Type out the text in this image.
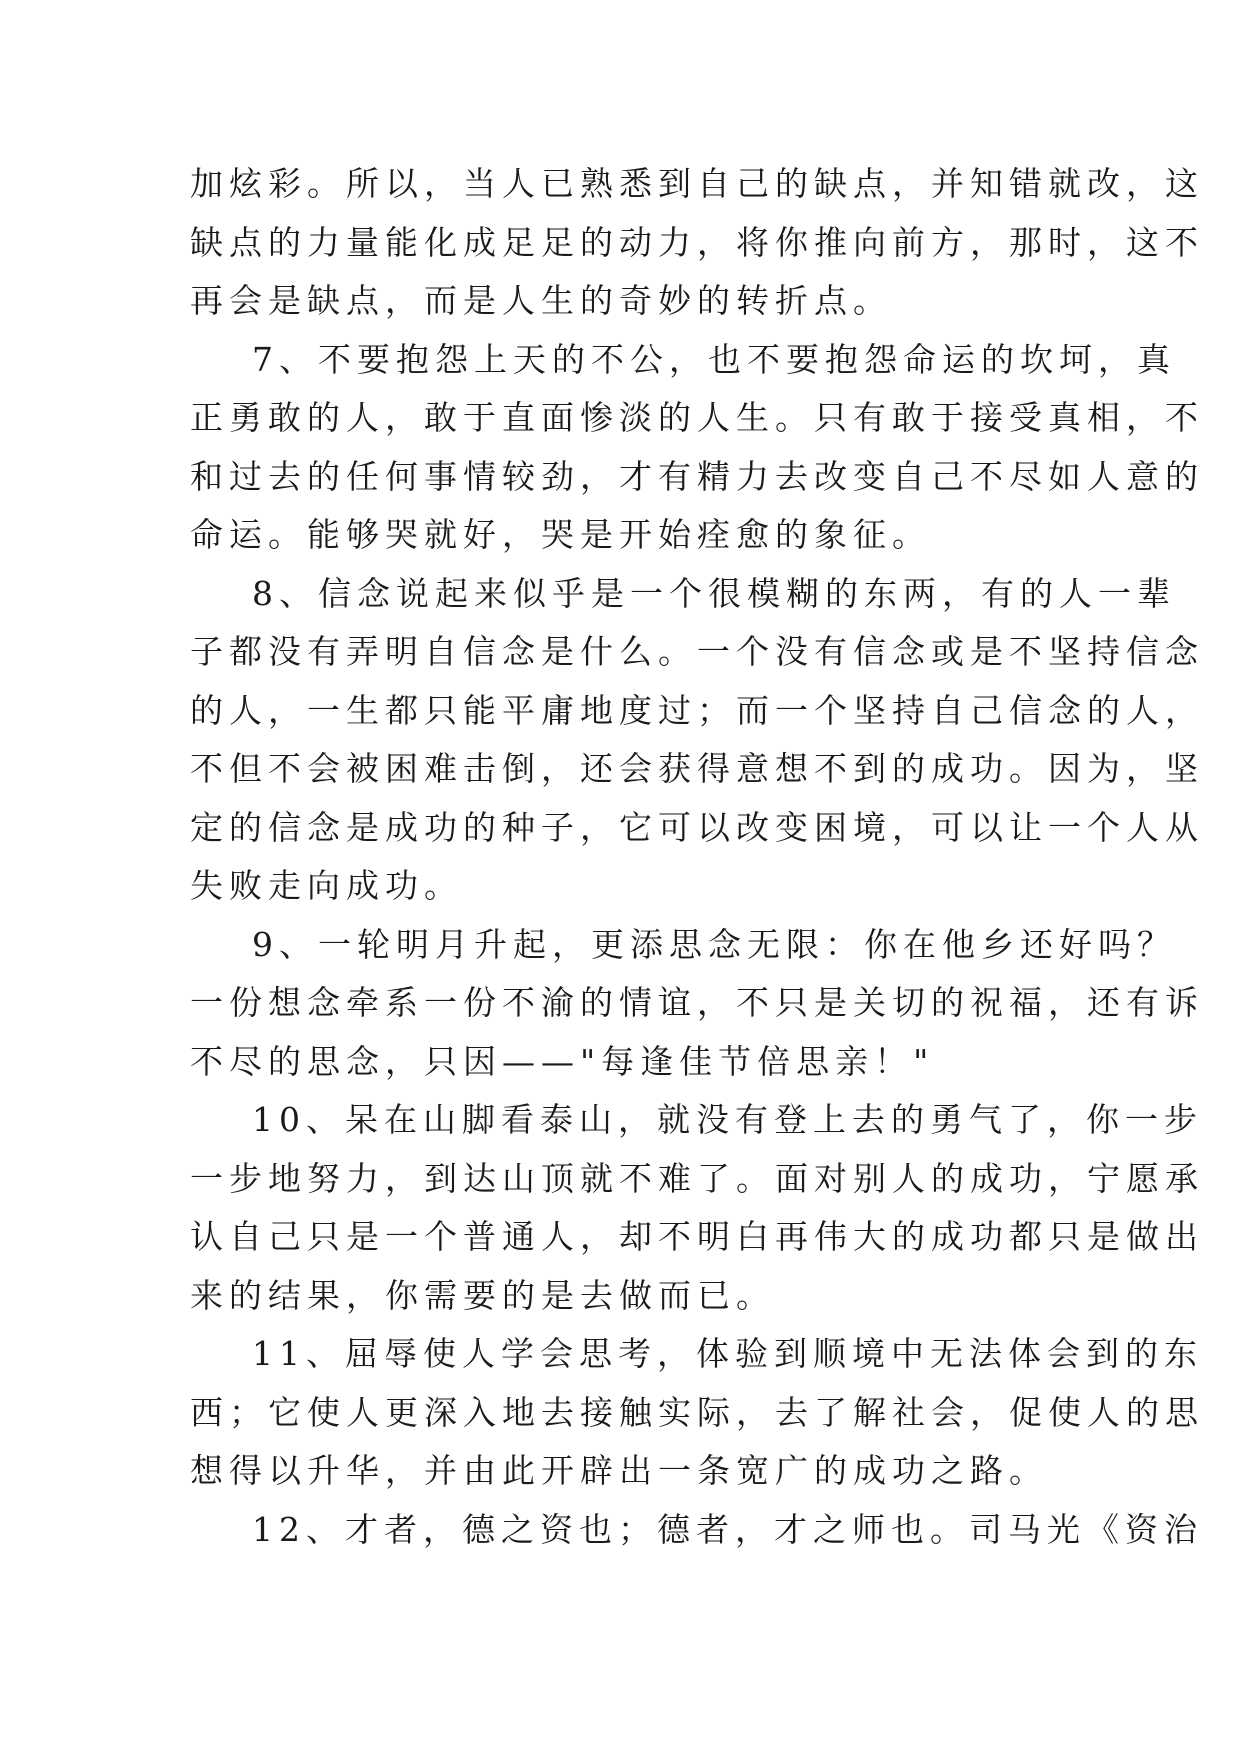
加炫彩。所以，当人已熟悉到自己的缺点，并知错就改，这
缺点的力量能化成足足的动力，将你推向前方，那时，这不
再会是缺点，而是人生的奇妙的转折点。
7、不要抱怨上天的不公，也不要抱怨命运的坎坷，真
正勇敢的人，敢于直面惨淡的人生。只有敢于接受真相，不
和过去的任何事情较劲，才有精力去改变自己不尽如人意的
命运。能够哭就好，哭是开始痊愈的象征。
8、信念说起来似乎是一个很模糊的东两，有的人一辈
子都没有弄明自信念是什么。一个没有信念或是不坚持信念
的人，一生都只能平庸地度过；而一个坚持自己信念的人，
不但不会被困难击倒，还会获得意想不到的成功。因为，坚
定的信念是成功的种子，它可以改变困境，可以让一个人从
失败走向成功。
9、一轮明月升起，更添思念无限：你在他乡还好吗？
一份想念牵系一份不渝的情谊，不只是关切的祝福，还有诉
不尽的思念，只因——"每逢佳节倍思亲！"
10、呆在山脚看泰山，就没有登上去的勇气了，你一步
一步地努力，到达山顶就不难了。面对别人的成功，宁愿承
认自己只是一个普通人，却不明白再伟大的成功都只是做出
来的结果，你需要的是去做而已。
11、屈辱使人学会思考，体验到顺境中无法体会到的东
西；它使人更深入地去接触实际，去了解社会，促使人的思
想得以升华，并由此开辟出一条宽广的成功之路。
12、才者，德之资也；德者，才之师也。司马光《资治
